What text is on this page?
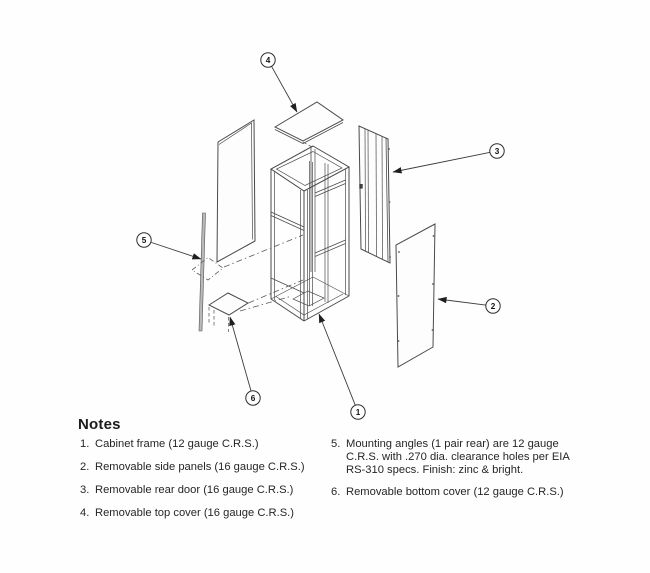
1
2
3
4
5
6
Notes
1. Cabinet frame (12 gauge C.R.S.)
2. Removable side panels (16 gauge C.R.S.)
3. Removable rear door (16 gauge C.R.S.)
4. Removable top cover (16 gauge C.R.S.)
5. Mounting angles (1 pair rear) are 12 gauge C.R.S. with .270 dia. clearance holes per EIA RS-310 specs. Finish: zinc & bright.
6. Removable bottom cover (12 gauge C.R.S.)
